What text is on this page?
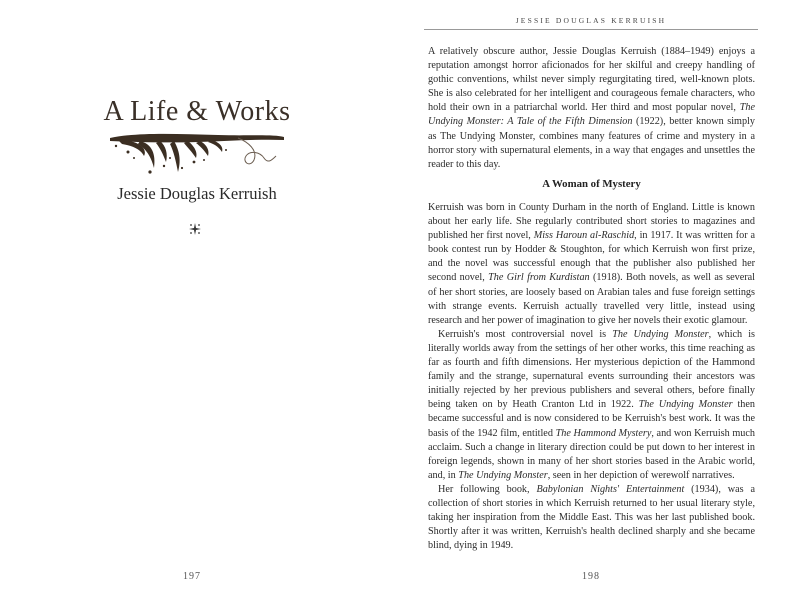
A Life & Works
Jessie Douglas Kerruish
197
JESSIE DOUGLAS KERRUISH

A relatively obscure author, Jessie Douglas Kerruish (1884–1949) enjoys a reputation amongst horror aficionados for her skilful and creepy handling of gothic conventions, whilst never simply regurgitating tired, well-known plots. She is also celebrated for her intelligent and courageous female characters, who hold their own in a patriarchal world. Her third and most popular novel, The Undying Monster: A Tale of the Fifth Dimension (1922), better known simply as The Undying Monster, combines many features of crime and mystery in a horror story with supernatural elements, in a way that engages and unsettles the reader to this day.

A Woman of Mystery

Kerruish was born in County Durham in the north of England. Little is known about her early life. She regularly contributed short stories to magazines and published her first novel, Miss Haroun al-Raschid, in 1917. It was written for a book contest run by Hodder & Stoughton, for which Kerruish won first prize, and the novel was successful enough that the publisher also published her second novel, The Girl from Kurdistan (1918). Both novels, as well as several of her short stories, are loosely based on Arabian tales and fuse foreign settings with strange events. Kerruish actually travelled very little, instead using research and her power of imagination to give her novels their exotic glamour.

Kerruish's most controversial novel is The Undying Monster, which is literally worlds away from the settings of her other works, this time reaching as far as fourth and fifth dimensions. Her mysterious depiction of the Hammond family and the strange, supernatural events surrounding their ancestors was initially rejected by her previous publishers and several others, before finally being taken on by Heath Cranton Ltd in 1922. The Undying Monster then became successful and is now considered to be Kerruish's best work. It was the basis of the 1942 film, entitled The Hammond Mystery, and won Kerruish much acclaim. Such a change in literary direction could be put down to her interest in foreign legends, shown in many of her short stories based in the Arabic world, and, in The Undying Monster, seen in her depiction of werewolf narratives.

Her following book, Babylonian Nights' Entertainment (1934), was a collection of short stories in which Kerruish returned to her usual literary style, taking her inspiration from the Middle East. This was her last published book. Shortly after it was written, Kerruish's health declined sharply and she became blind, dying in 1949.

198
